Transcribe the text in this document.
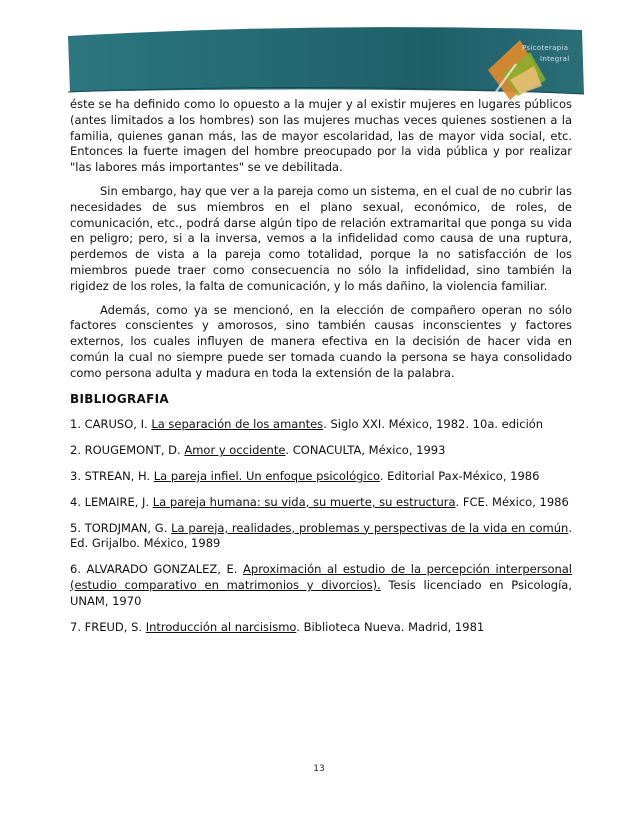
Psicoterapia
Integral

éste se ha definido como lo opuesto a la mujer y al existir mujeres en lugares públicos (antes limitados a los hombres) son las mujeres muchas veces quienes sostienen a la familia, quienes ganan más, las de mayor escolaridad, las de mayor vida social, etc. Entonces la fuerte imagen del hombre preocupado por la vida pública y por realizar "las labores más importantes" se ve debilitada.

Sin embargo, hay que ver a la pareja como un sistema, en el cual de no cubrir las necesidades de sus miembros en el plano sexual, económico, de roles, de comunicación, etc., podrá darse algún tipo de relación extramarital que ponga su vida en peligro; pero, si a la inversa, vemos a la infidelidad como causa de una ruptura, perdemos de vista a la pareja como totalidad, porque la no satisfacción de los miembros puede traer como consecuencia no sólo la infidelidad, sino también la rigidez de los roles, la falta de comunicación, y lo más dañino, la violencia familiar.

Además, como ya se mencionó, en la elección de compañero operan no sólo factores conscientes y amorosos, sino también causas inconscientes y factores externos, los cuales influyen de manera efectiva en la decisión de hacer vida en común la cual no siempre puede ser tomada cuando la persona se haya consolidado como persona adulta y madura en toda la extensión de la palabra.

BIBLIOGRAFIA

1. CARUSO, I. La separación de los amantes. Siglo XXI. México, 1982. 10a. edición

2. ROUGEMONT, D. Amor y occidente. CONACULTA, México, 1993

3. STREAN, H. La pareja infiel. Un enfoque psicológico. Editorial Pax-México, 1986

4. LEMAIRE, J. La pareja humana: su vida, su muerte, su estructura. FCE. México, 1986

5. TORDJMAN, G. La pareja, realidades, problemas y perspectivas de la vida en común. Ed. Grijalbo. México, 1989

6. ALVARADO GONZALEZ, E. Aproximación al estudio de la percepción interpersonal (estudio comparativo en matrimonios y divorcios). Tesis licenciado en Psicología, UNAM, 1970

7. FREUD, S. Introducción al narcisismo. Biblioteca Nueva. Madrid, 1981

13
